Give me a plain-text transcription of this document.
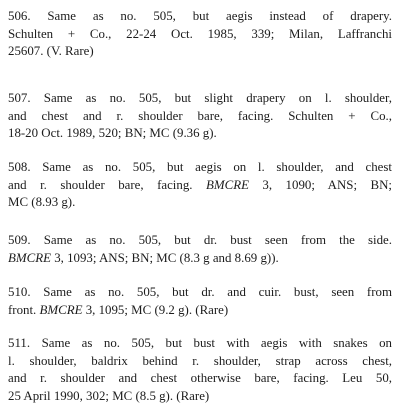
506. Same as no. 505, but aegis instead of drapery.
Schulten + Co., 22-24 Oct. 1985, 339; Milan, Laffranchi
25607. (V. Rare)

507. Same as no. 505, but slight drapery on l. shoulder,
and chest and r. shoulder bare, facing. Schulten + Co.,
18-20 Oct. 1989, 520; BN; MC (9.36 g).

508. Same as no. 505, but aegis on l. shoulder, and chest
and r. shoulder bare, facing. BMCRE 3, 1090; ANS; BN;
MC (8.93 g).

509. Same as no. 505, but dr. bust seen from the side.
BMCRE 3, 1093; ANS; BN; MC (8.3 g and 8.69 g)).

510. Same as no. 505, but dr. and cuir. bust, seen from
front. BMCRE 3, 1095; MC (9.2 g). (Rare)

511. Same as no. 505, but bust with aegis with snakes on
l. shoulder, baldrix behind r. shoulder, strap across chest,
and r. shoulder and chest otherwise bare, facing. Leu 50,
25 April 1990, 302; MC (8.5 g). (Rare)
